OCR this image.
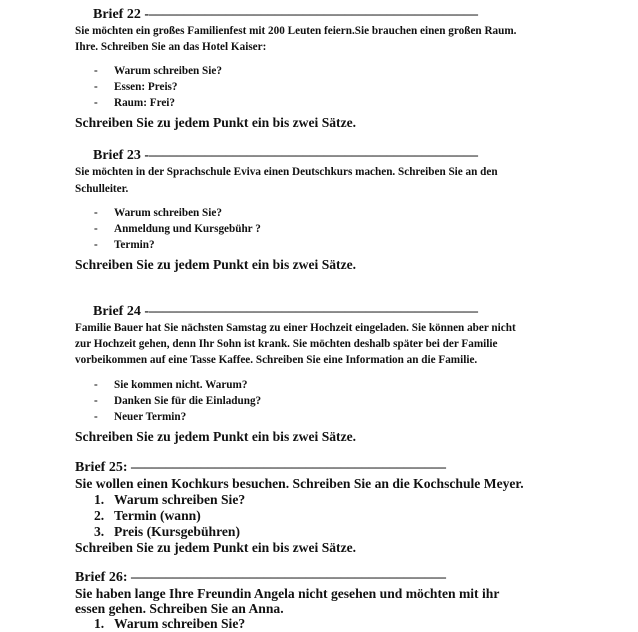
Brief 22 -–––––––––––––––––––––––––––––––––––––––––––––––
Sie möchten ein großes Familienfest mit 200 Leuten feiern.Sie brauchen einen großen Raum.
Ihre. Schreiben Sie an das Hotel Kaiser:
- Warum schreiben Sie?
- Essen: Preis?
- Raum: Frei?
Schreiben Sie zu jedem Punkt ein bis zwei Sätze.
Brief 23 -–––––––––––––––––––––––––––––––––––––––––––––––
Sie möchten in der Sprachschule Eviva einen Deutschkurs machen. Schreiben Sie an den
Schulleiter.
- Warum schreiben Sie?
- Anmeldung und Kursgebühr ?
- Termin?
Schreiben Sie zu jedem Punkt ein bis zwei Sätze.
Brief 24 -–––––––––––––––––––––––––––––––––––––––––––––––
Familie Bauer hat Sie nächsten Samstag zu einer Hochzeit eingeladen. Sie können aber nicht
zur Hochzeit gehen, denn Ihr Sohn ist krank. Sie möchten deshalb später bei der Familie
vorbeikommen auf eine Tasse Kaffee. Schreiben Sie eine Information an die Familie.
- Sie kommen nicht. Warum?
- Danken Sie für die Einladung?
- Neuer Termin?
Schreiben Sie zu jedem Punkt ein bis zwei Sätze.
Brief 25: –––––––––––––––––––––––––––––––––––––––––––––
Sie wollen einen Kochkurs besuchen. Schreiben Sie an die Kochschule Meyer.
1. Warum schreiben Sie?
2. Termin (wann)
3. Preis (Kursgebühren)
Schreiben Sie zu jedem Punkt ein bis zwei Sätze.
Brief 26: –––––––––––––––––––––––––––––––––––––––––––––
Sie haben lange Ihre Freundin Angela nicht gesehen und möchten mit ihr
essen gehen. Schreiben Sie an Anna.
1. Warum schreiben Sie?
